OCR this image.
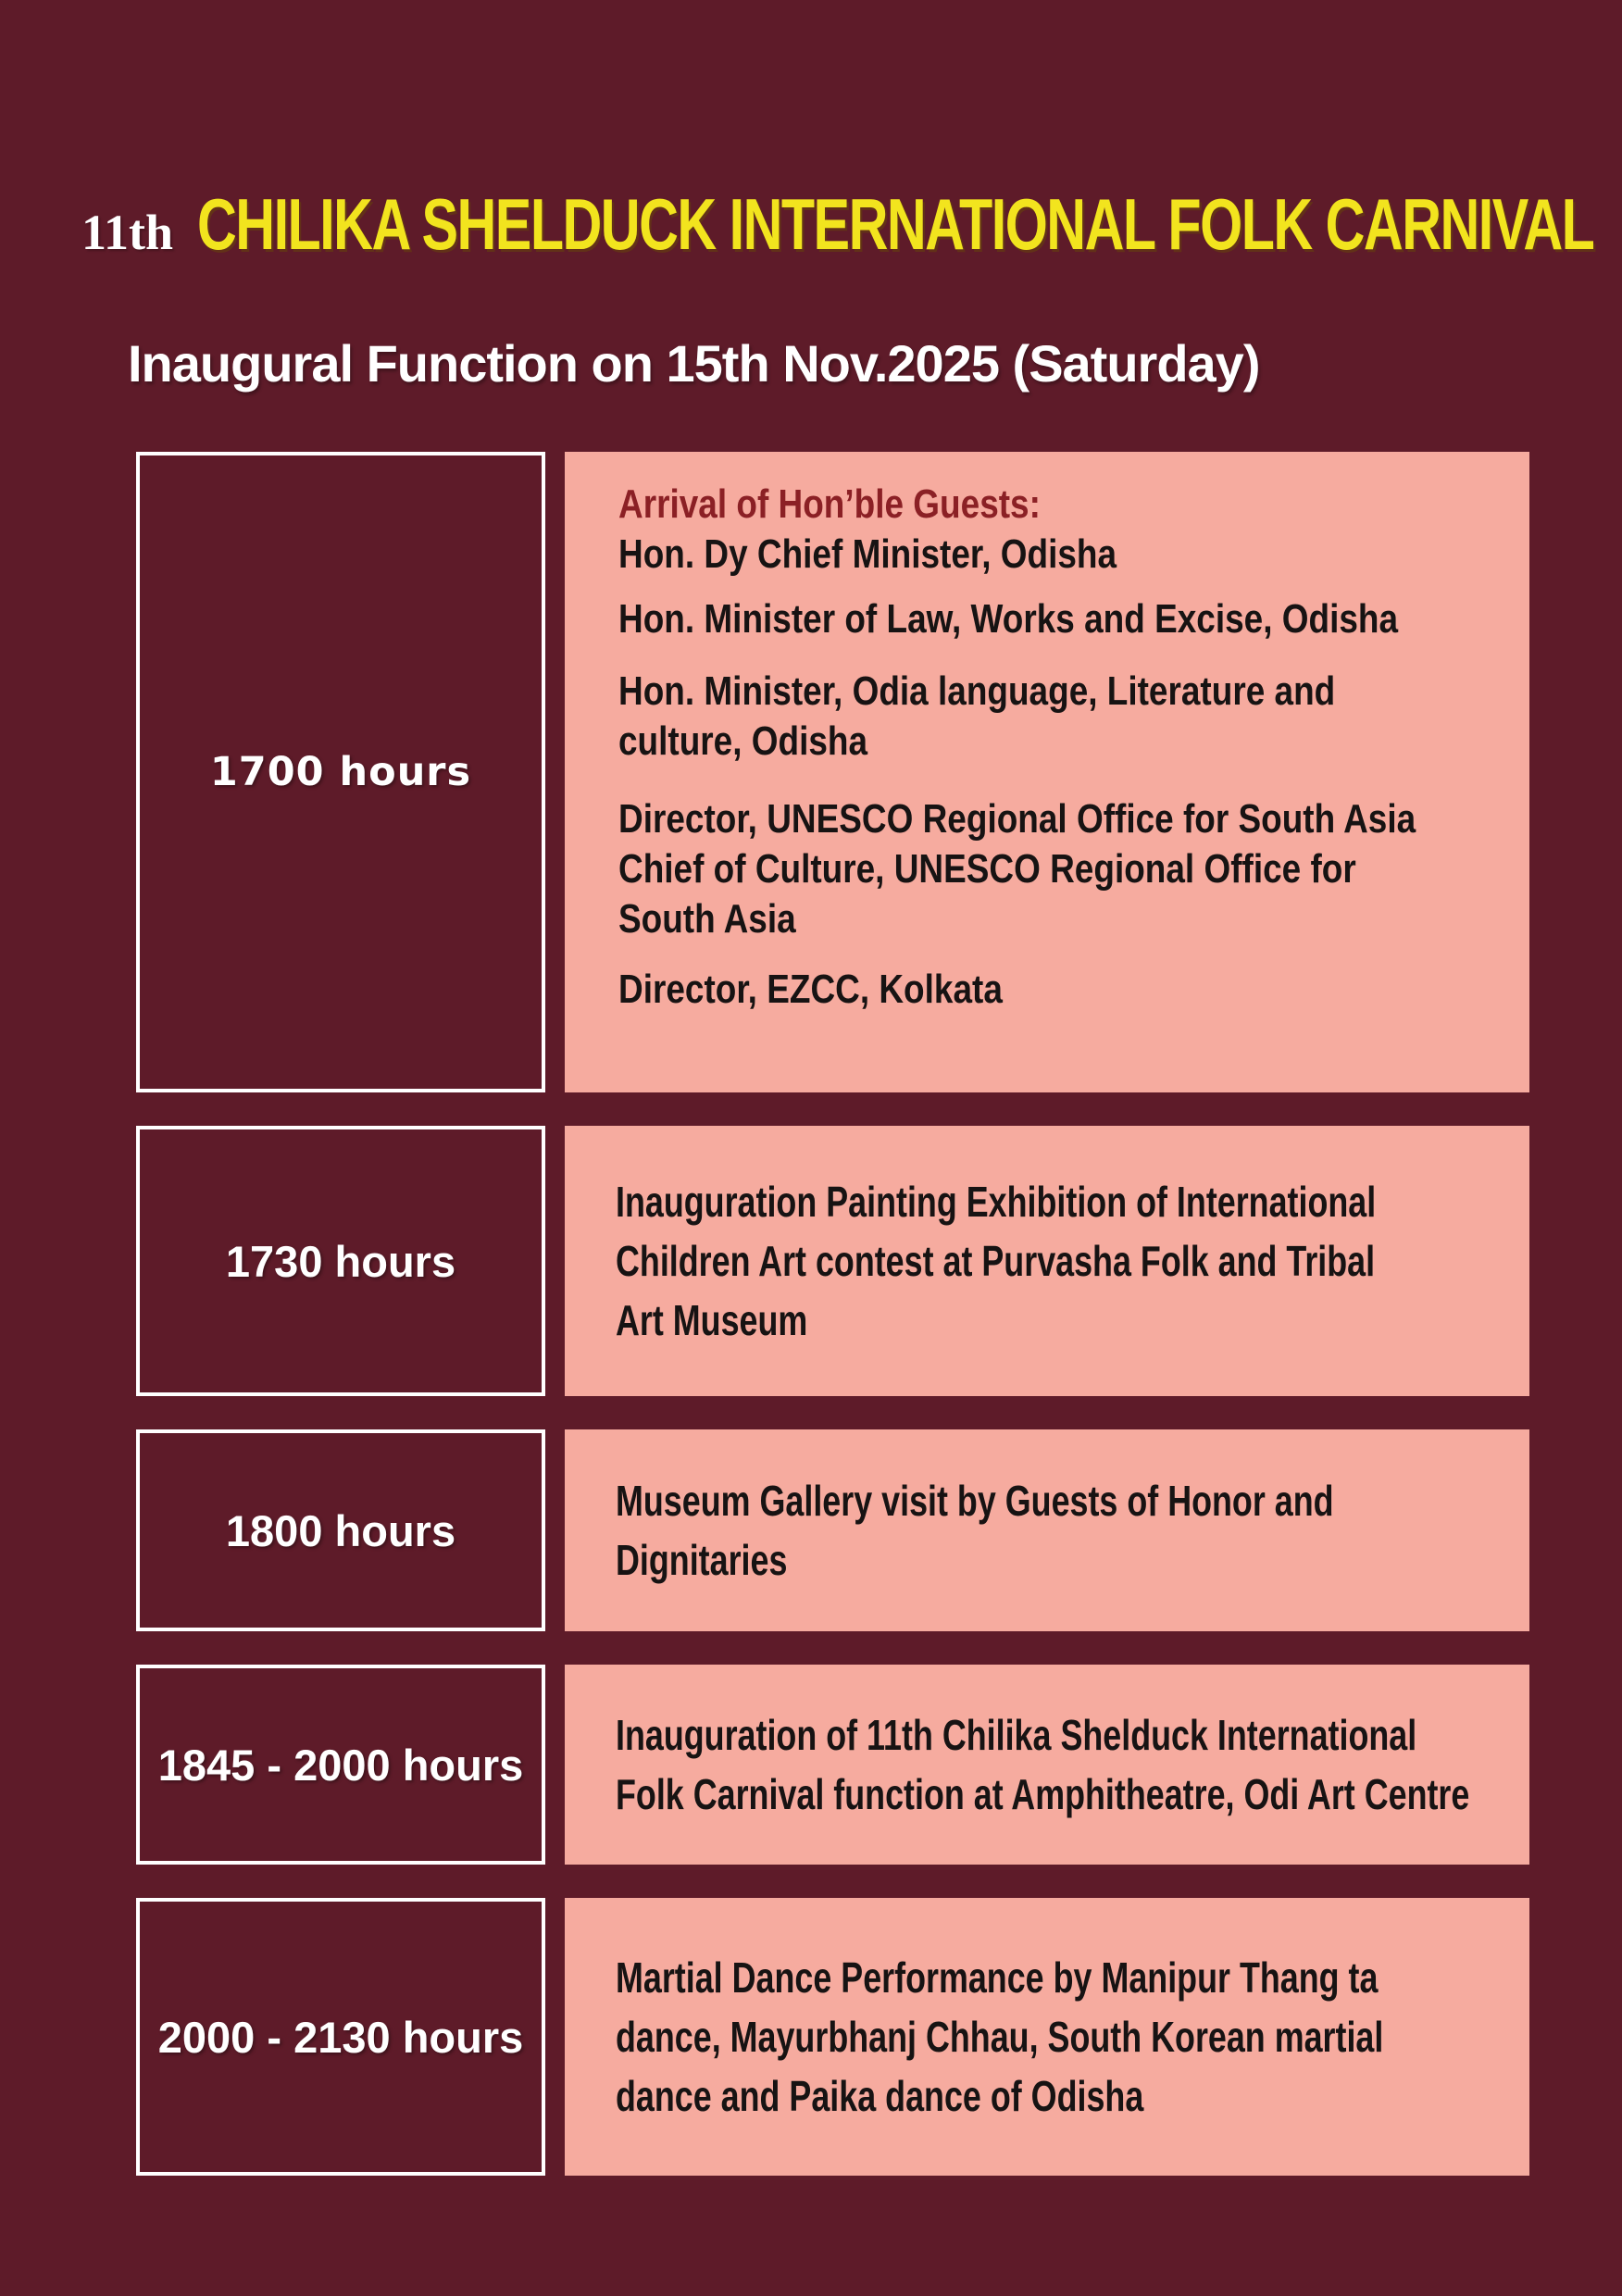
11th CHILIKA SHELDUCK INTERNATIONAL FOLK CARNIVAL
Inaugural Function on 15th Nov.2025 (Saturday)
1700 hours

Arrival of Hon’ble Guests:

Hon. Dy Chief Minister, Odisha

Hon. Minister of Law, Works and Excise, Odisha

Hon. Minister, Odia language, Literature and

culture, Odisha

Director, UNESCO Regional Office for South Asia

Chief of Culture, UNESCO Regional Office for

South Asia

Director, EZCC, Kolkata

1730 hours

Inauguration Painting Exhibition of International

Children Art contest at Purvasha Folk and Tribal

Art Museum

1800 hours

Museum Gallery visit by Guests of Honor and

Dignitaries

1845 - 2000 hours

Inauguration of 11th Chilika Shelduck International

Folk Carnival function at Amphitheatre, Odi Art Centre

2000 - 2130 hours

Martial Dance Performance by Manipur Thang ta

dance, Mayurbhanj Chhau, South Korean martial

dance and Paika dance of Odisha
